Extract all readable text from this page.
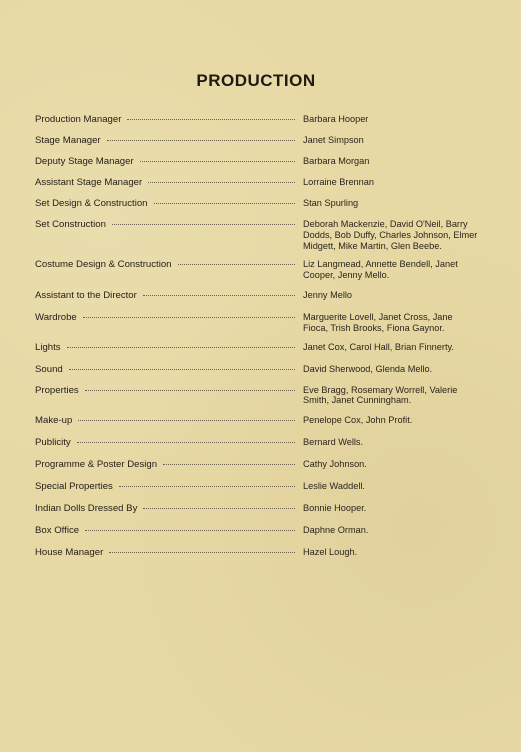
PRODUCTION
Production Manager	Barbara Hooper
Stage Manager	Janet Simpson
Deputy Stage Manager	Barbara Morgan
Assistant Stage Manager	Lorraine Brennan
Set Design & Construction	Stan Spurling
Set Construction	Deborah Mackenzie, David O'Neil, Barry Dodds, Bob Duffy, Charles Johnson, Elmer Midgett, Mike Martin, Glen Beebe.
Costume Design & Construction	Liz Langmead, Annette Bendell, Janet Cooper, Jenny Mello.
Assistant to the Director	Jenny Mello
Wardrobe	Marguerite Lovell, Janet Cross, Jane Fioca, Trish Brooks, Fiona Gaynor.
Lights	Janet Cox, Carol Hall, Brian Finnerty.
Sound	David Sherwood, Glenda Mello.
Properties	Eve Bragg, Rosemary Worrell, Valerie Smith, Janet Cunningham.
Make-up	Penelope Cox, John Profit.
Publicity	Bernard Wells.
Programme & Poster Design	Cathy Johnson.
Special Properties	Leslie Waddell.
Indian Dolls Dressed By	Bonnie Hooper.
Box Office	Daphne Orman.
House Manager	Hazel Lough.
